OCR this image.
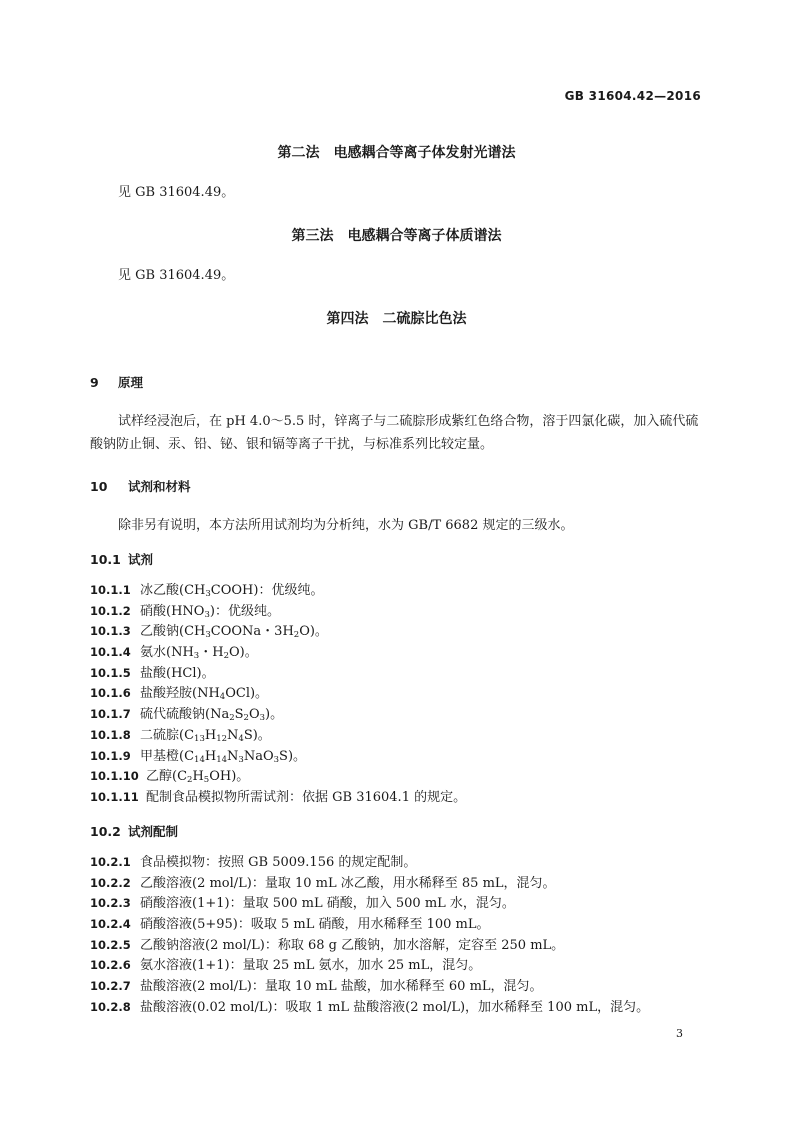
GB 31604.42—2016
第二法　电感耦合等离子体发射光谱法
见 GB 31604.49。
第三法　电感耦合等离子体质谱法
见 GB 31604.49。
第四法　二硫腙比色法
9 原理
试样经浸泡后，在 pH 4.0～5.5 时，锌离子与二硫腙形成紫红色络合物，溶于四氯化碳，加入硫代硫酸钠防止铜、汞、铅、铋、银和镉等离子干扰，与标准系列比较定量。
10 试剂和材料
除非另有说明，本方法所用试剂均为分析纯，水为 GB/T 6682 规定的三级水。
10.1 试剂
10.1.1 冰乙酸$(CH_3COOH)$：优级纯。
10.1.2 硝酸$(HNO_3)$：优级纯。
10.1.3 乙酸钠($CH_3COONa$・$3H_2O$)。
10.1.4 氨水($NH_3$・$H_2O$)。
10.1.5 盐酸(HCl)。
10.1.6 盐酸羟胺$(NH_4OCl)$。
10.1.7 硫代硫酸钠$(Na_2S_2O_3)$。
10.1.8 二硫腙$(C_{13}H_{12}N_4S)$。
10.1.9 甲基橙$(C_{14}H_{14}N_3NaO_3S)$。
10.1.10 乙醇$(C_2H_5OH)$。
10.1.11 配制食品模拟物所需试剂：依据 GB 31604.1 的规定。
10.2 试剂配制
10.2.1 食品模拟物：按照 GB 5009.156 的规定配制。
10.2.2 乙酸溶液(2 mol/L)：量取 10 mL 冰乙酸，用水稀释至 85 mL，混匀。
10.2.3 硝酸溶液(1+1)：量取 500 mL 硝酸，加入 500 mL 水，混匀。
10.2.4 硝酸溶液(5+95)：吸取 5 mL 硝酸，用水稀释至 100 mL。
10.2.5 乙酸钠溶液(2 mol/L)：称取 68 g 乙酸钠，加水溶解，定容至 250 mL。
10.2.6 氨水溶液(1+1)：量取 25 mL 氨水，加水 25 mL，混匀。
10.2.7 盐酸溶液(2 mol/L)：量取 10 mL 盐酸，加水稀释至 60 mL，混匀。
10.2.8 盐酸溶液(0.02 mol/L)：吸取 1 mL 盐酸溶液(2 mol/L)，加水稀释至 100 mL，混匀。
3
